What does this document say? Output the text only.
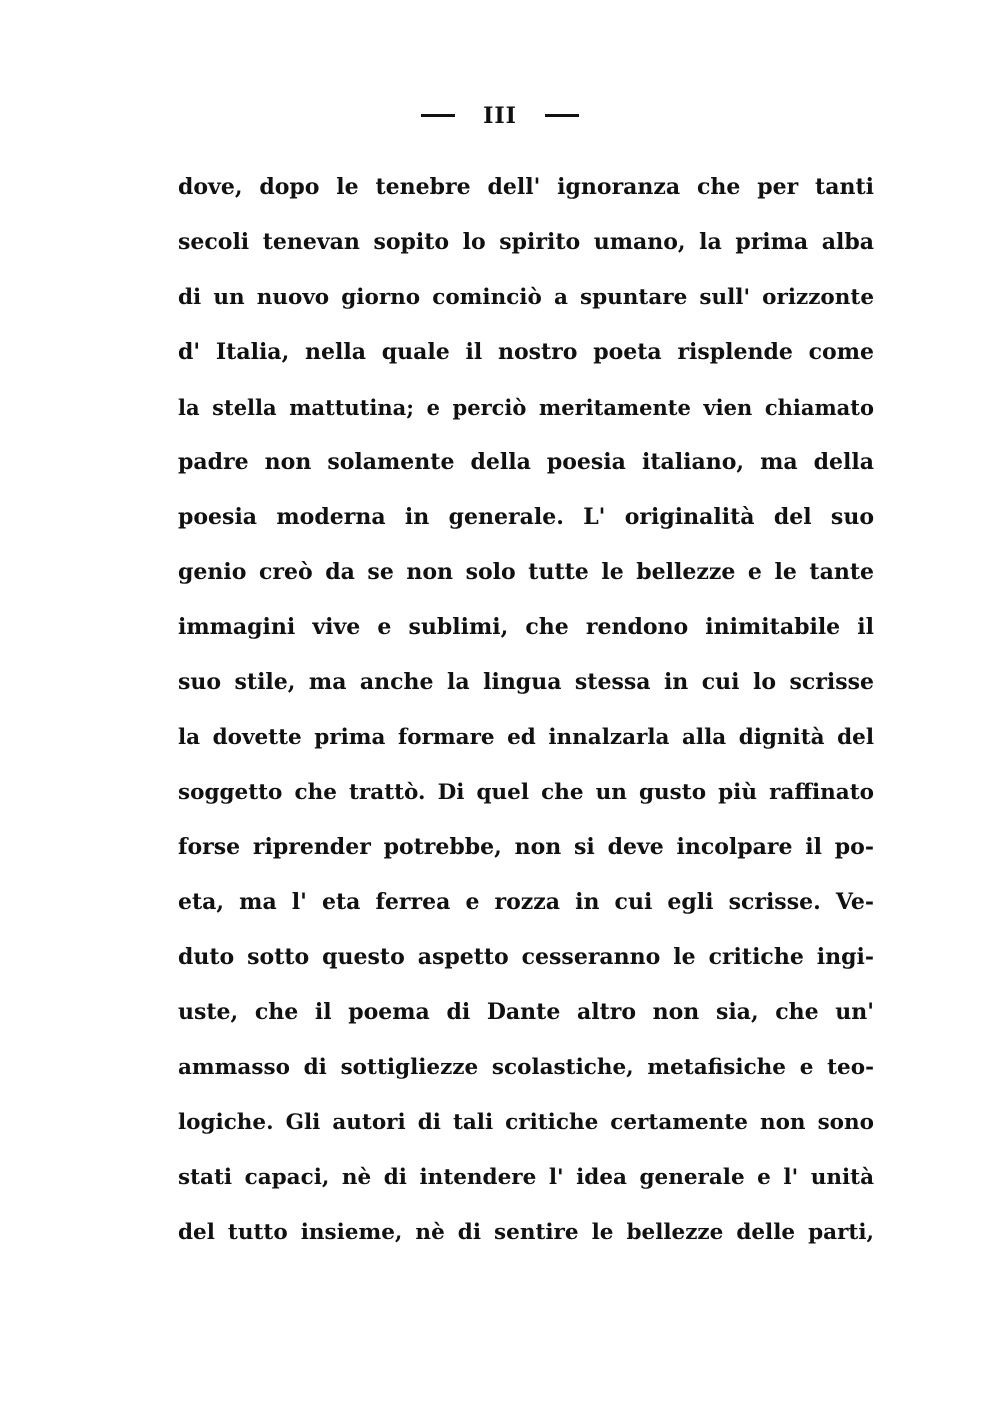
III
dove, dopo le tenebre dell' ignoranza che per tanti
secoli tenevan sopito lo spirito umano, la prima alba
di un nuovo giorno cominciò a spuntare sull' orizzonte
d' Italia, nella quale il nostro poeta risplende come
la stella mattutina; e perciò meritamente vien chiamato
padre non solamente della poesia italiano, ma della
poesia moderna in generale. L' originalità del suo
genio creò da se non solo tutte le bellezze e le tante
immagini vive e sublimi, che rendono inimitabile il
suo stile, ma anche la lingua stessa in cui lo scrisse
la dovette prima formare ed innalzarla alla dignità del
soggetto che trattò. Di quel che un gusto più raffinato
forse riprender potrebbe, non si deve incolpare il po-
eta, ma l' eta ferrea e rozza in cui egli scrisse. Ve-
duto sotto questo aspetto cesseranno le critiche ingi-
uste, che il poema di Dante altro non sia, che un'
ammasso di sottigliezze scolastiche, metafisiche e teo-
logiche. Gli autori di tali critiche certamente non sono
stati capaci, nè di intendere l' idea generale e l' unità
del tutto insieme, nè di sentire le bellezze delle parti,
